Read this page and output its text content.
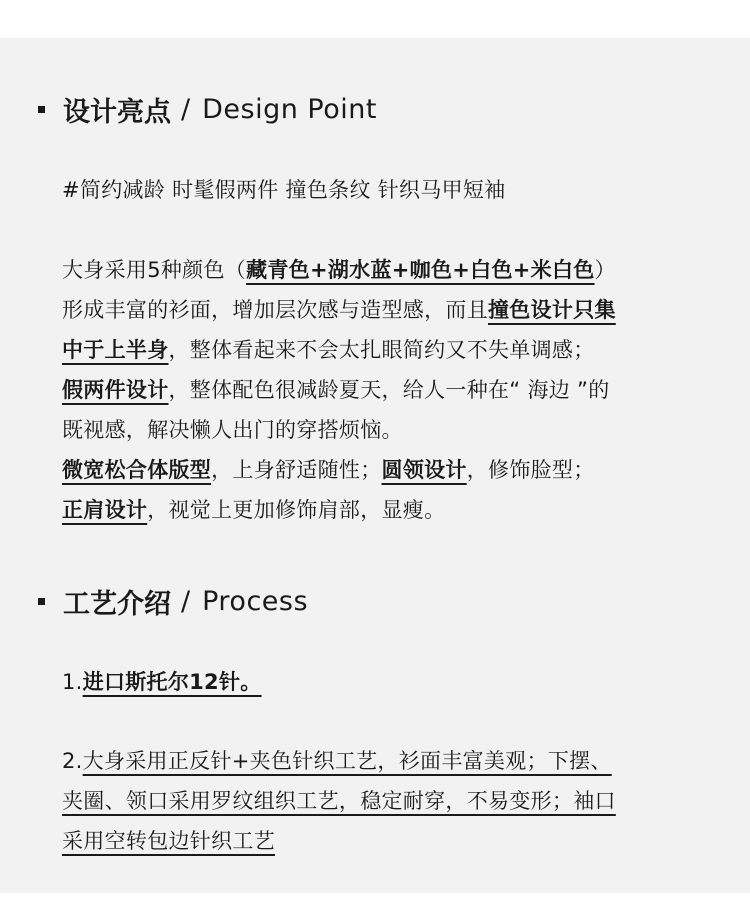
设计亮点 / Design Point
#简约减龄 时髦假两件 撞色条纹 针织马甲短袖
大身采用5种颜色（藏青色+湖水蓝+咖色+白色+米白色）
形成丰富的衫面，增加层次感与造型感，而且撞色设计只集
中于上半身，整体看起来不会太扎眼简约又不失单调感；
假两件设计，整体配色很减龄夏天，给人一种在“ 海边 ”的
既视感，解决懒人出门的穿搭烦恼。
微宽松合体版型，上身舒适随性；圆领设计，修饰脸型；
正肩设计，视觉上更加修饰肩部，显瘦。
工艺介绍 / Process
1.进口斯托尔12针。
2.大身采用正反针+夹色针织工艺，衫面丰富美观；下摆、
夹圈、领口采用罗纹组织工艺，稳定耐穿，不易变形；袖口
采用空转包边针织工艺
